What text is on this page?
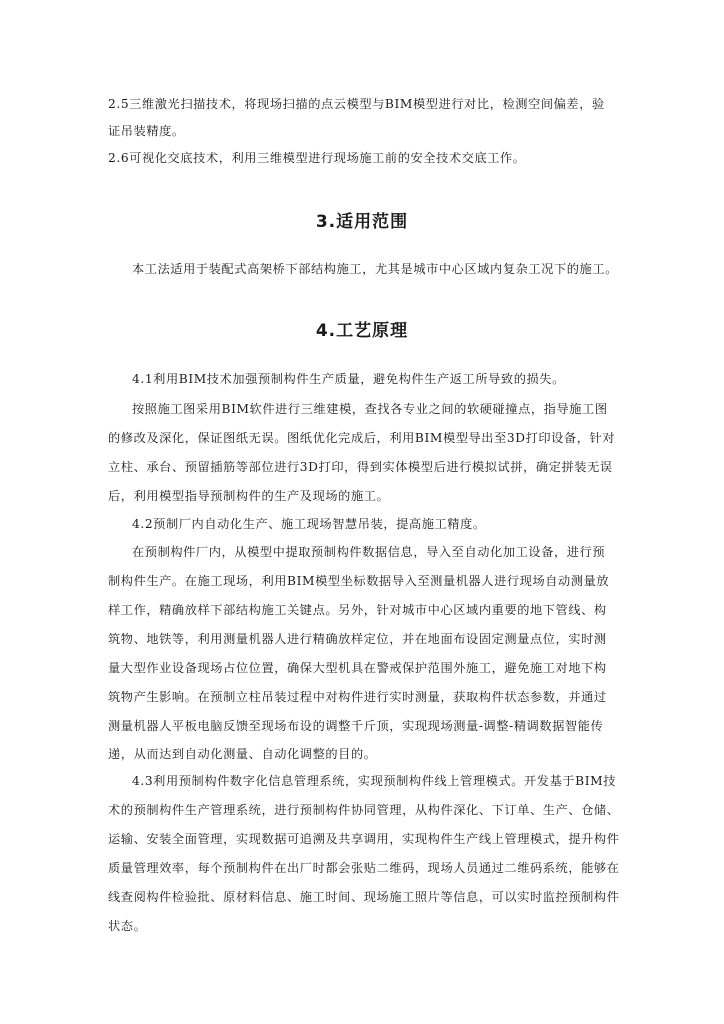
2.5三维激光扫描技术，将现场扫描的点云模型与BIM模型进行对比，检测空间偏差，验
证吊装精度。
2.6可视化交底技术，利用三维模型进行现场施工前的安全技术交底工作。
3.适用范围
本工法适用于装配式高架桥下部结构施工，尤其是城市中心区域内复杂工况下的施工。
4.工艺原理
4.1利用BIM技术加强预制构件生产质量，避免构件生产返工所导致的损失。
按照施工图采用BIM软件进行三维建模，查找各专业之间的软硬碰撞点，指导施工图
的修改及深化，保证图纸无误。图纸优化完成后，利用BIM模型导出至3D打印设备，针对
立柱、承台、预留插筋等部位进行3D打印，得到实体模型后进行模拟试拼，确定拼装无误
后，利用模型指导预制构件的生产及现场的施工。
4.2预制厂内自动化生产、施工现场智慧吊装，提高施工精度。
在预制构件厂内，从模型中提取预制构件数据信息，导入至自动化加工设备，进行预
制构件生产。在施工现场，利用BIM模型坐标数据导入至测量机器人进行现场自动测量放
样工作，精确放样下部结构施工关键点。另外，针对城市中心区域内重要的地下管线、构
筑物、地铁等，利用测量机器人进行精确放样定位，并在地面布设固定测量点位，实时测
量大型作业设备现场占位位置，确保大型机具在警戒保护范围外施工，避免施工对地下构
筑物产生影响。在预制立柱吊装过程中对构件进行实时测量，获取构件状态参数，并通过
测量机器人平板电脑反馈至现场布设的调整千斤顶，实现现场测量-调整-精调数据智能传
递，从而达到自动化测量、自动化调整的目的。
4.3利用预制构件数字化信息管理系统，实现预制构件线上管理模式。开发基于BIM技
术的预制构件生产管理系统，进行预制构件协同管理，从构件深化、下订单、生产、仓储、
运输、安装全面管理，实现数据可追溯及共享调用，实现构件生产线上管理模式，提升构件
质量管理效率，每个预制构件在出厂时都会张贴二维码，现场人员通过二维码系统，能够在
线查阅构件检验批、原材料信息、施工时间、现场施工照片等信息，可以实时监控预制构件
状态。
